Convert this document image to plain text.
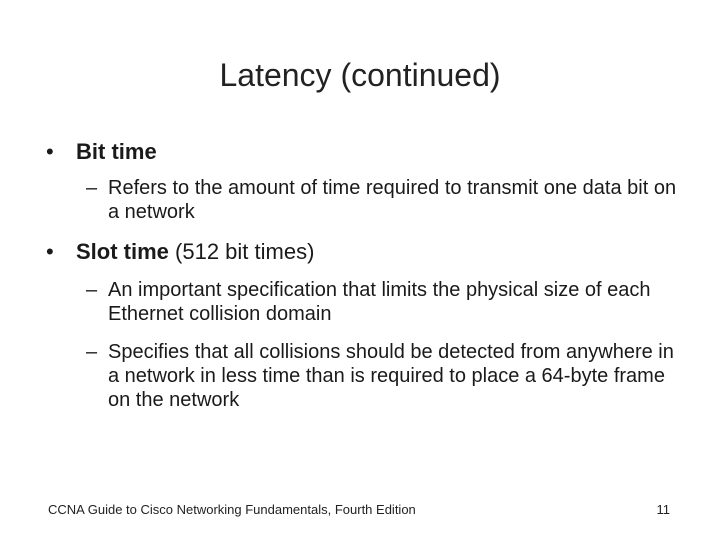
Latency (continued)
•	Bit time
– Refers to the amount of time required to transmit one data bit on a network
•	Slot time (512 bit times)
– An important specification that limits the physical size of each Ethernet collision domain
– Specifies that all collisions should be detected from anywhere in a network in less time than is required to place a 64-byte frame on the network
CCNA Guide to Cisco Networking Fundamentals, Fourth Edition	11
